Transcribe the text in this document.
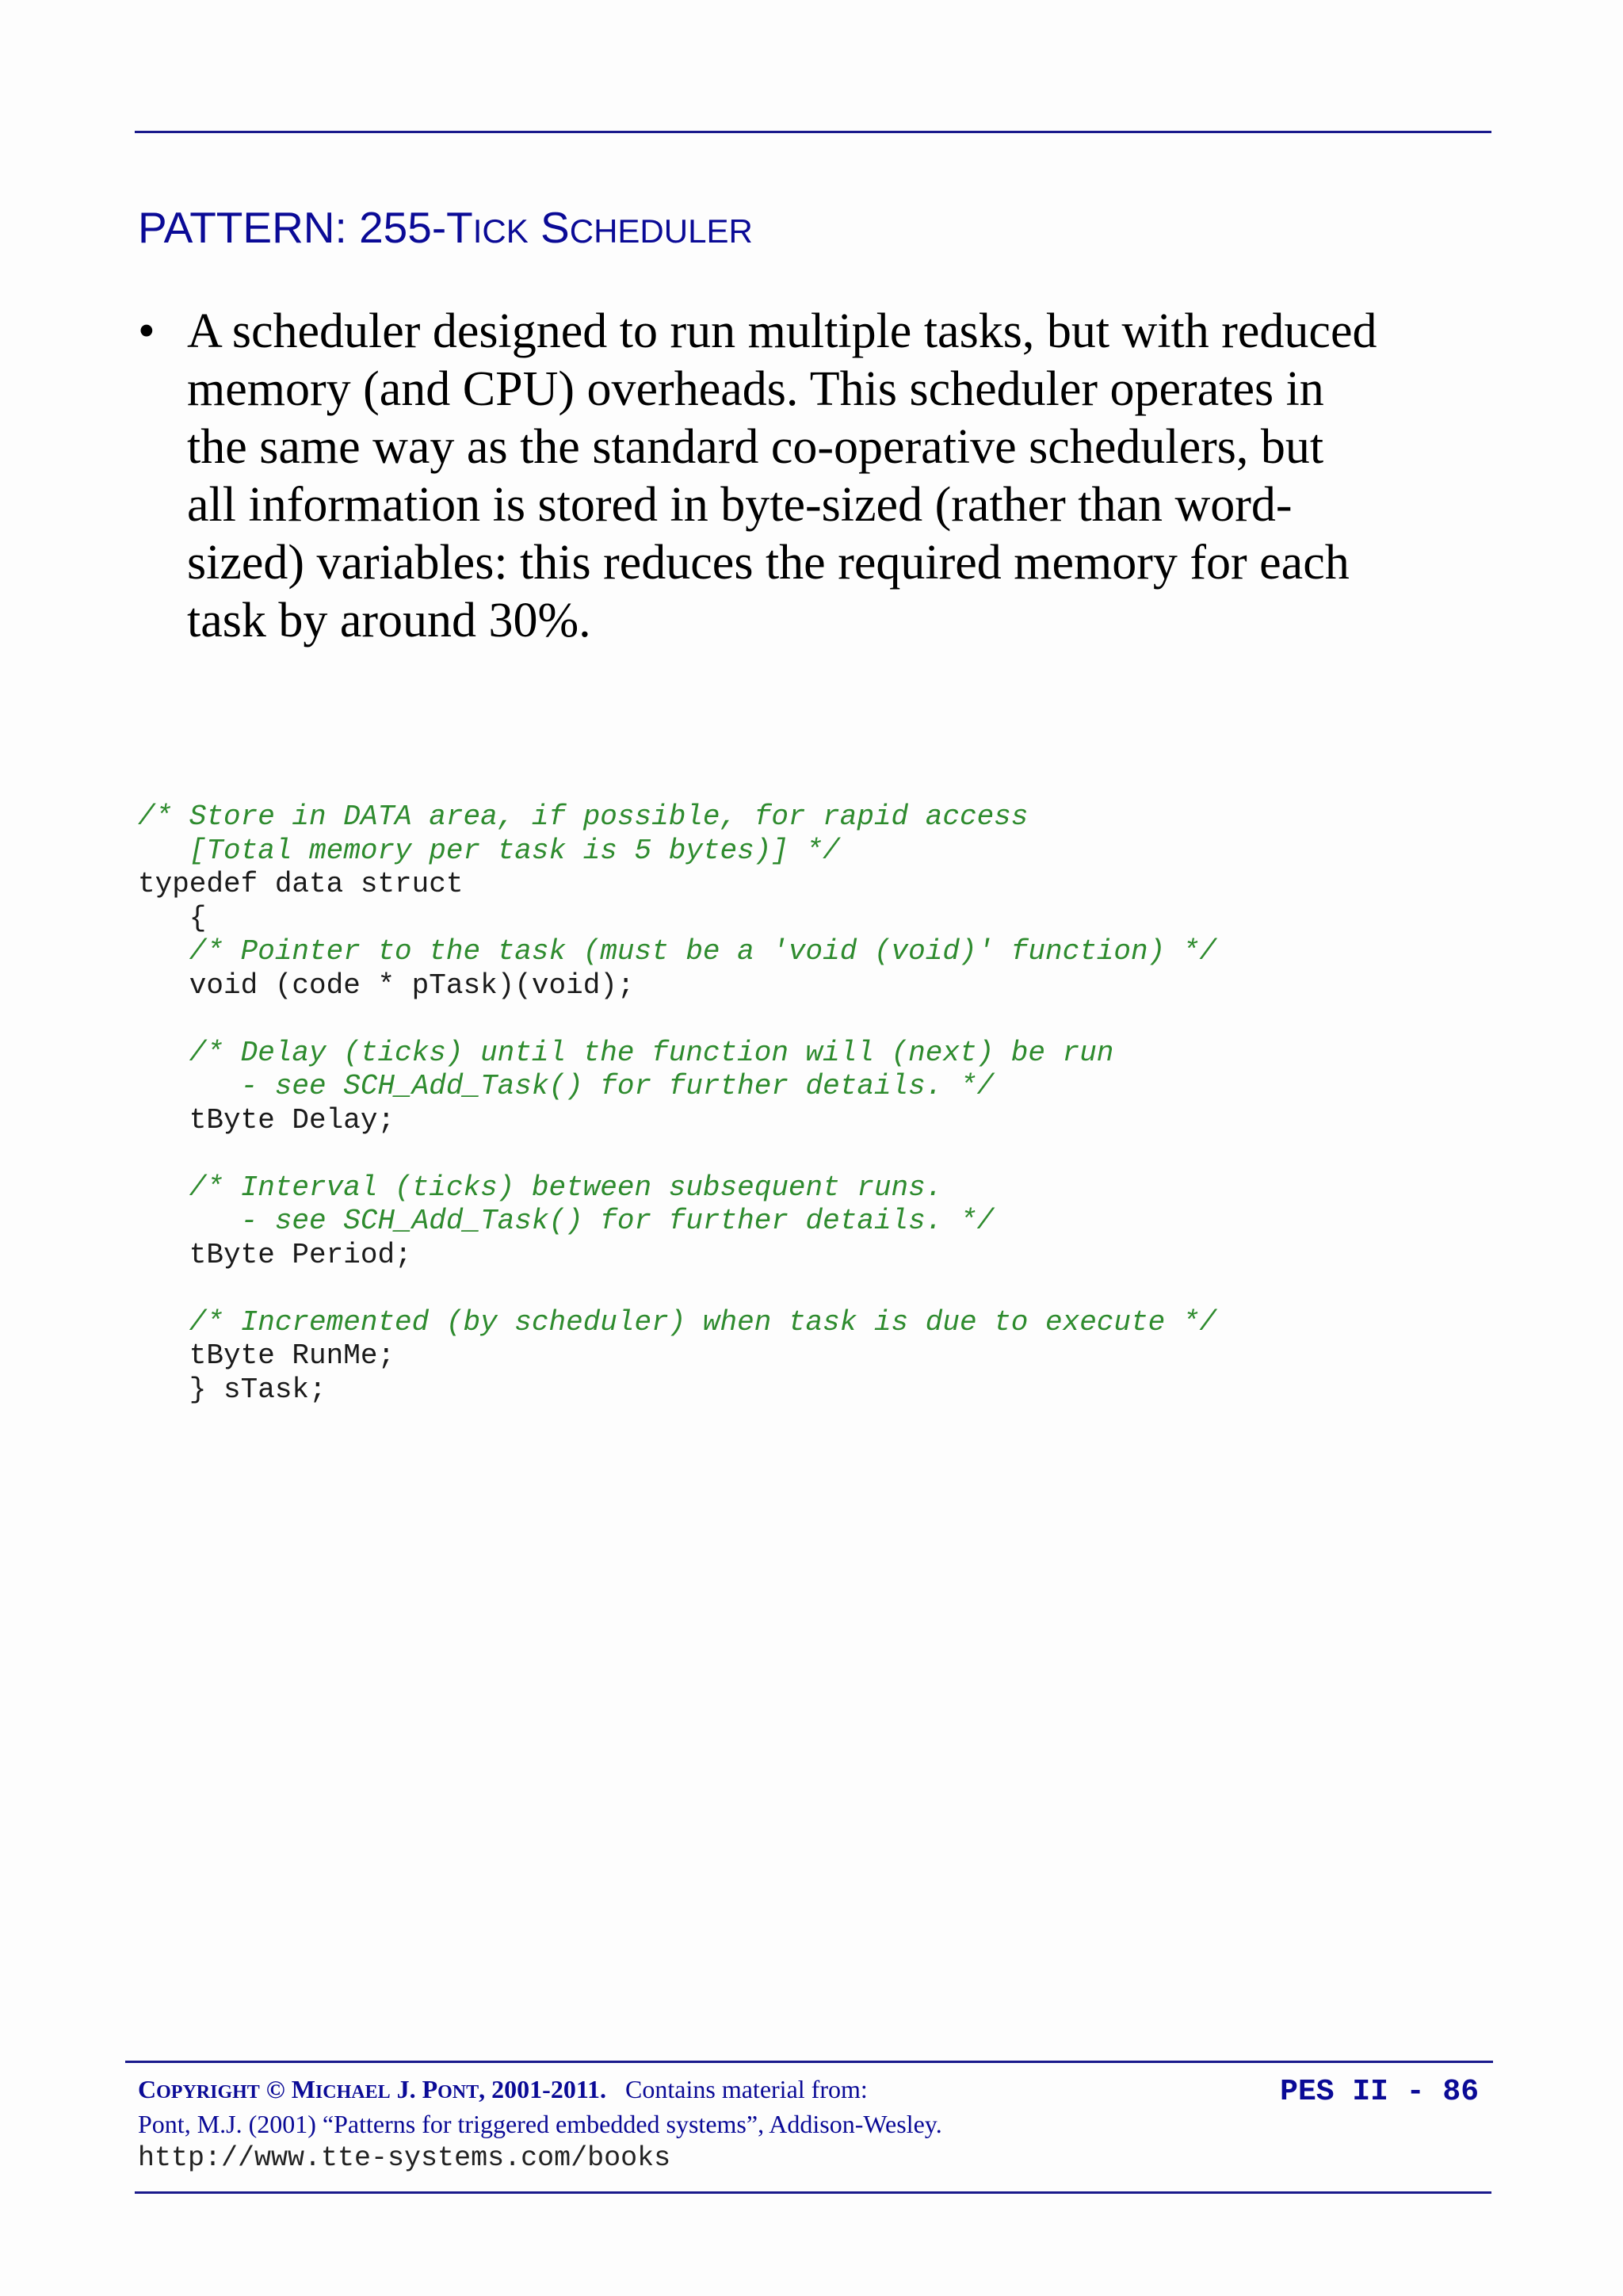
PATTERN: 255-TICK SCHEDULER
• A scheduler designed to run multiple tasks, but with reduced
memory (and CPU) overheads. This scheduler operates in
the same way as the standard co-operative schedulers, but
all information is stored in byte-sized (rather than word-
sized) variables: this reduces the required memory for each
task by around 30%.
/* Store in DATA area, if possible, for rapid access
[Total memory per task is 5 bytes)] */
typedef data struct
{
/* Pointer to the task (must be a 'void (void)' function) */
void (code * pTask)(void);
/* Delay (ticks) until the function will (next) be run
- see SCH_Add_Task() for further details. */
tByte Delay;
/* Interval (ticks) between subsequent runs.
- see SCH_Add_Task() for further details. */
tByte Period;
/* Incremented (by scheduler) when task is due to execute */
tByte RunMe;
} sTask;
COPYRIGHT © MICHAEL J. PONT, 2001-2011. Contains material from:
Pont, M.J. (2001) “Patterns for triggered embedded systems”, Addison-Wesley.
http://www.tte-systems.com/books
PES II - 86
